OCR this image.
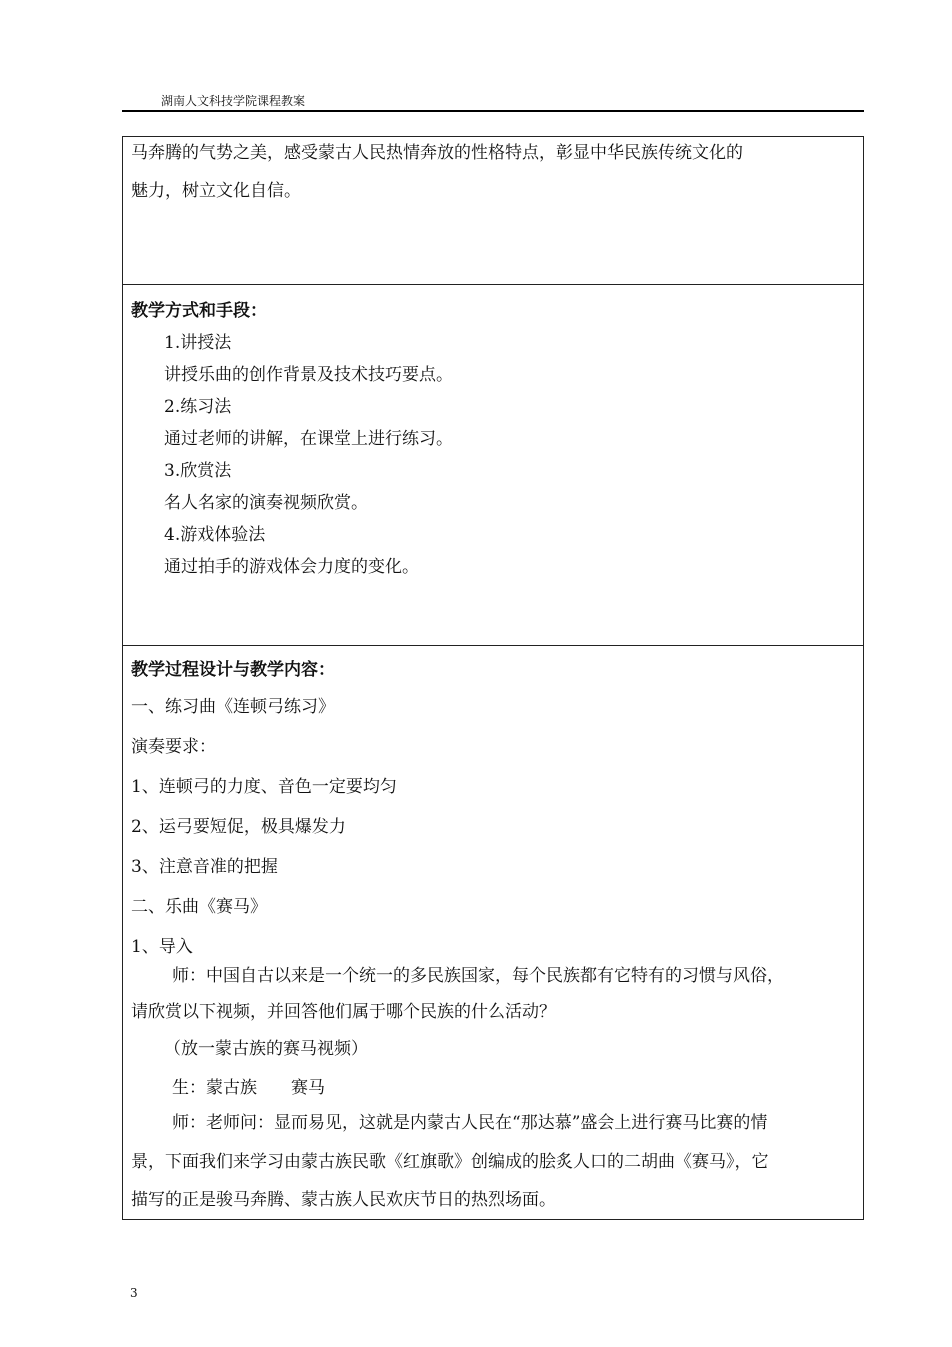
湖南人文科技学院课程教案
马奔腾的气势之美，感受蒙古人民热情奔放的性格特点，彰显中华民族传统文化的
魅力，树立文化自信。
教学方式和手段：
1.讲授法
讲授乐曲的创作背景及技术技巧要点。
2.练习法
通过老师的讲解，在课堂上进行练习。
3.欣赏法
名人名家的演奏视频欣赏。
4.游戏体验法
通过拍手的游戏体会力度的变化。
教学过程设计与教学内容：
一、练习曲《连顿弓练习》
演奏要求：
1、连顿弓的力度、音色一定要均匀
2、运弓要短促，极具爆发力
3、注意音准的把握
二、乐曲《赛马》
1、导入
师：中国自古以来是一个统一的多民族国家，每个民族都有它特有的习惯与风俗，
请欣赏以下视频，并回答他们属于哪个民族的什么活动？
（放一蒙古族的赛马视频）
生：蒙古族　　赛马
师：老师问：显而易见，这就是内蒙古人民在“那达慕”盛会上进行赛马比赛的情
景，下面我们来学习由蒙古族民歌《红旗歌》创编成的脍炙人口的二胡曲《赛马》，它
描写的正是骏马奔腾、蒙古族人民欢庆节日的热烈场面。
3
